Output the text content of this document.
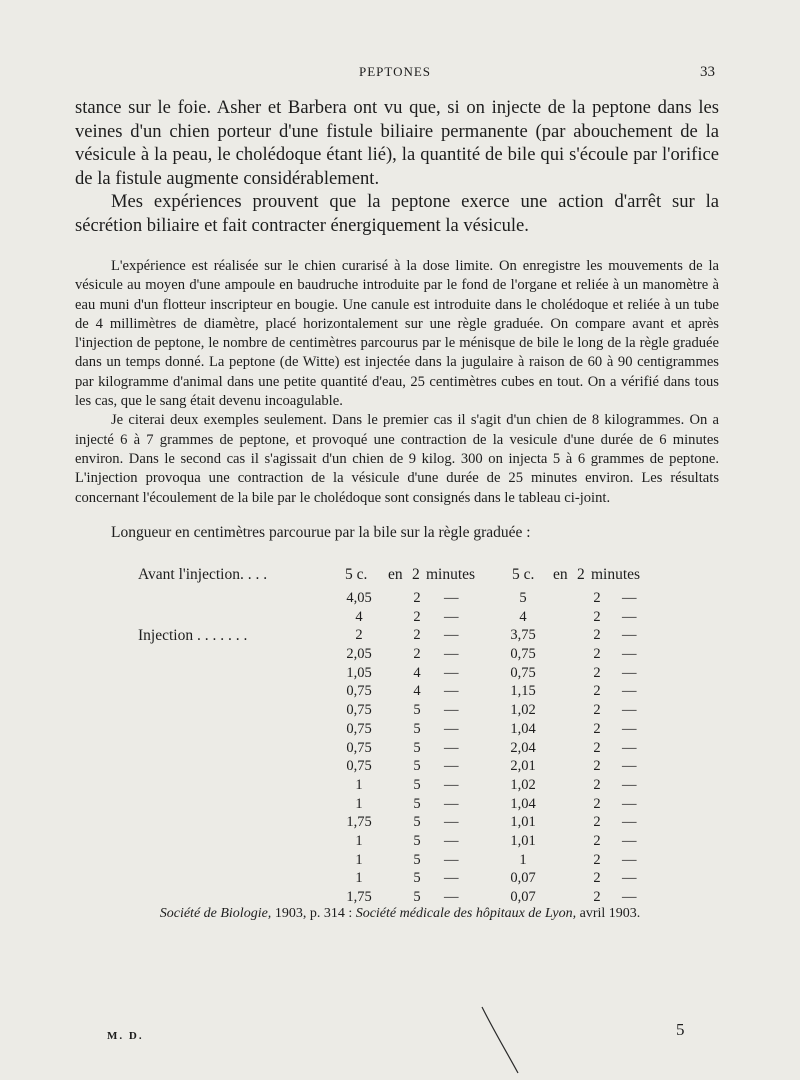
PEPTONES	33

stance sur le foie. Asher et Barbera ont vu que, si on injecte de la peptone dans les veines d'un chien porteur d'une fistule biliaire permanente (par abouchement de la vésicule à la peau, le cholédoque étant lié), la quantité de bile qui s'écoule par l'orifice de la fistule augmente considérablement.

Mes expériences prouvent que la peptone exerce une action d'arrêt sur la sécrétion biliaire et fait contracter énergiquement la vésicule.

L'expérience est réalisée sur le chien curarisé à la dose limite. On enregistre les mouvements de la vésicule au moyen d'une ampoule en baudruche introduite par le fond de l'organe et reliée à un manomètre à eau muni d'un flotteur inscripteur en bougie. Une canule est introduite dans le cholédoque et reliée à un tube de 4 millimètres de diamètre, placé horizontalement sur une règle graduée. On compare avant et après l'injection de peptone, le nombre de centimètres parcourus par le ménisque de bile le long de la règle graduée dans un temps donné. La peptone (de Witte) est injectée dans la jugulaire à raison de 60 à 90 centigrammes par kilogramme d'animal dans une petite quantité d'eau, 25 centimètres cubes en tout. On a vérifié dans tous les cas, que le sang était devenu incoagulable.

Je citerai deux exemples seulement. Dans le premier cas il s'agit d'un chien de 8 kilogrammes. On a injecté 6 à 7 grammes de peptone, et provoqué une contraction de la vesicule d'une durée de 6 minutes environ. Dans le second cas il s'agissait d'un chien de 9 kilog. 300 on injecta 5 à 6 grammes de peptone. L'injection provoqua une contraction de la vésicule d'une durée de 25 minutes environ. Les résultats concernant l'écoulement de la bile par le cholédoque sont consignés dans le tableau ci-joint.

Longueur en centimètres parcourue par la bile sur la règle graduée :
Avant l'injection. . . .	5 c. en 2 minutes 5 c. en 2 minutes
4,05	2	—	5	2	—
4	2	—	4	2	—
Injection . . . . . . .	2	2	—	3,75	2	—
2,05	2	—	0,75	2	—
1,05	4	—	0,75	2	—
0,75	4	—	1,15	2	—
0,75	5	—	1,02	2	—
0,75	5	—	1,04	2	—
0,75	5	—	2,04	2	—
0,75	5	—	2,01	2	—
1	5	—	1,02	2	—
1	5	—	1,04	2	—
1,75	5	—	1,01	2	—
1	5	—	1,01	2	—
1	5	—	1	2	—
1	5	—	0,07	2	—
1,75	5	—	0,07	2	—
Société de Biologie, 1903, p. 314 : Société médicale des hôpitaux de Lyon, avril 1903.
M. D.	5
